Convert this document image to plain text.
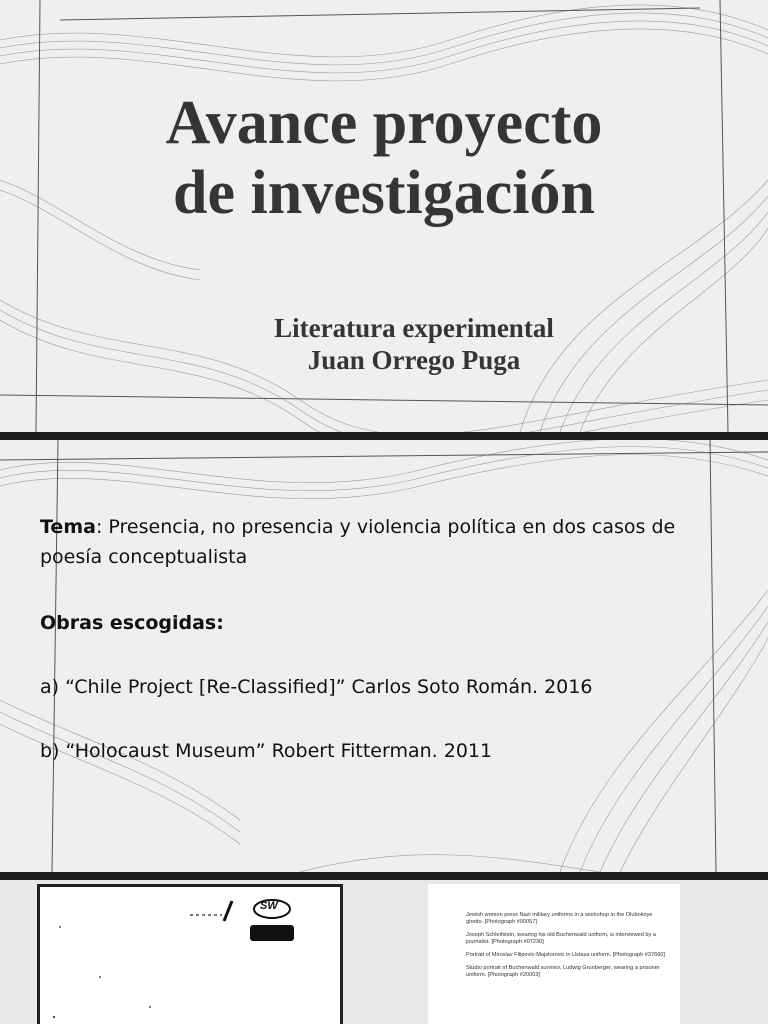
Avance proyecto
de investigación

Literatura experimental
Juan Orrego Puga

Tema: Presencia, no presencia y violencia política en dos casos de poesía conceptualista

Obras escogidas:

a) “Chile Project [Re-Classified]” Carlos Soto Román. 2016

b) “Holocaust Museum” Robert Fitterman. 2011

SW

Jewish women press Nazi military uniforms in a workshop in the Olubokoye ghetto. [Photograph #00057]

Joseph Schleifstein, wearing his old Buchenwald uniform, is interviewed by a journalist. [Photograph #07230]

Portrait of Miroslav Filipovic-Majstorovic in Ustasa uniform. [Photograph #37660]

Studio portrait of Buchenwald survivor, Ludwig Grunberger, wearing a prisoner uniform. [Photograph #20003]
